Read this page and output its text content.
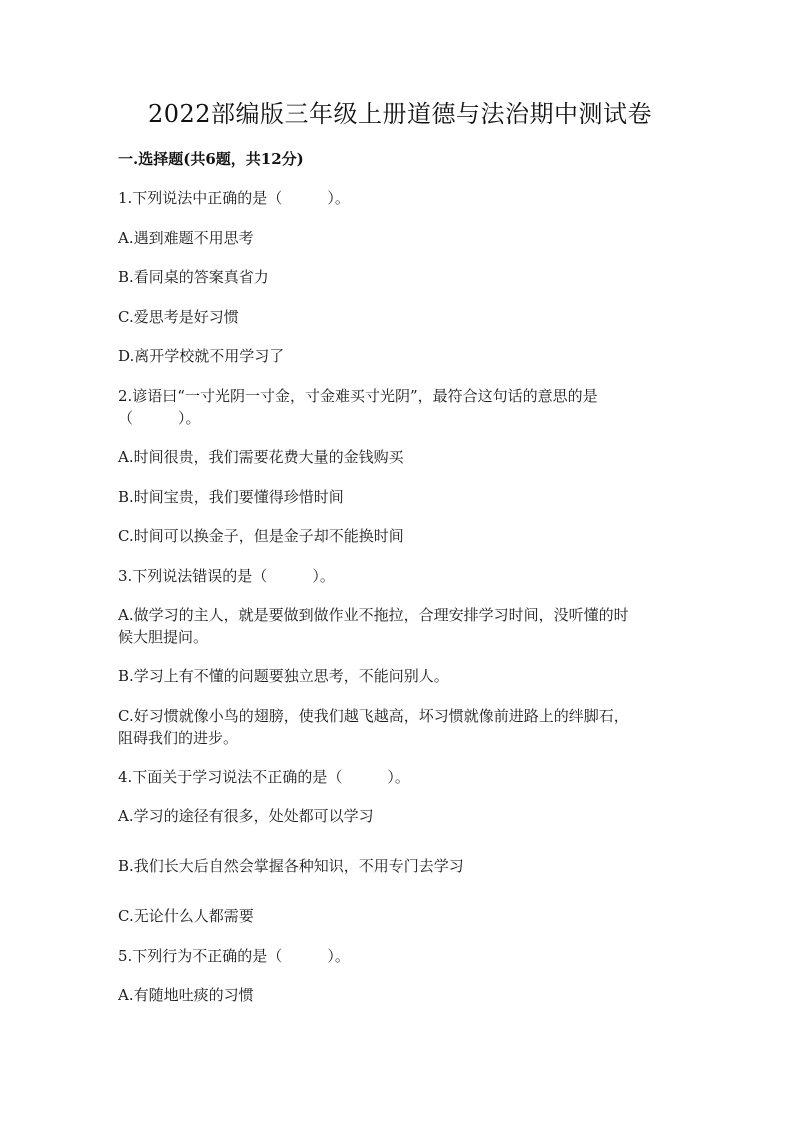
2022部编版三年级上册道德与法治期中测试卷
一.选择题(共6题，共12分)
1.下列说法中正确的是（　　　）。
A.遇到难题不用思考
B.看同桌的答案真省力
C.爱思考是好习惯
D.离开学校就不用学习了
2.谚语曰“一寸光阴一寸金，寸金难买寸光阴”，最符合这句话的意思的是
（　　　）。
A.时间很贵，我们需要花费大量的金钱购买
B.时间宝贵，我们要懂得珍惜时间
C.时间可以换金子，但是金子却不能换时间
3.下列说法错误的是（　　　）。
A.做学习的主人，就是要做到做作业不拖拉，合理安排学习时间，没听懂的时
候大胆提问。
B.学习上有不懂的问题要独立思考，不能问别人。
C.好习惯就像小鸟的翅膀，使我们越飞越高，坏习惯就像前进路上的绊脚石，
阻碍我们的进步。
4.下面关于学习说法不正确的是（　　　）。
A.学习的途径有很多，处处都可以学习
B.我们长大后自然会掌握各种知识，不用专门去学习
C.无论什么人都需要
5.下列行为不正确的是（　　　）。
A.有随地吐痰的习惯
